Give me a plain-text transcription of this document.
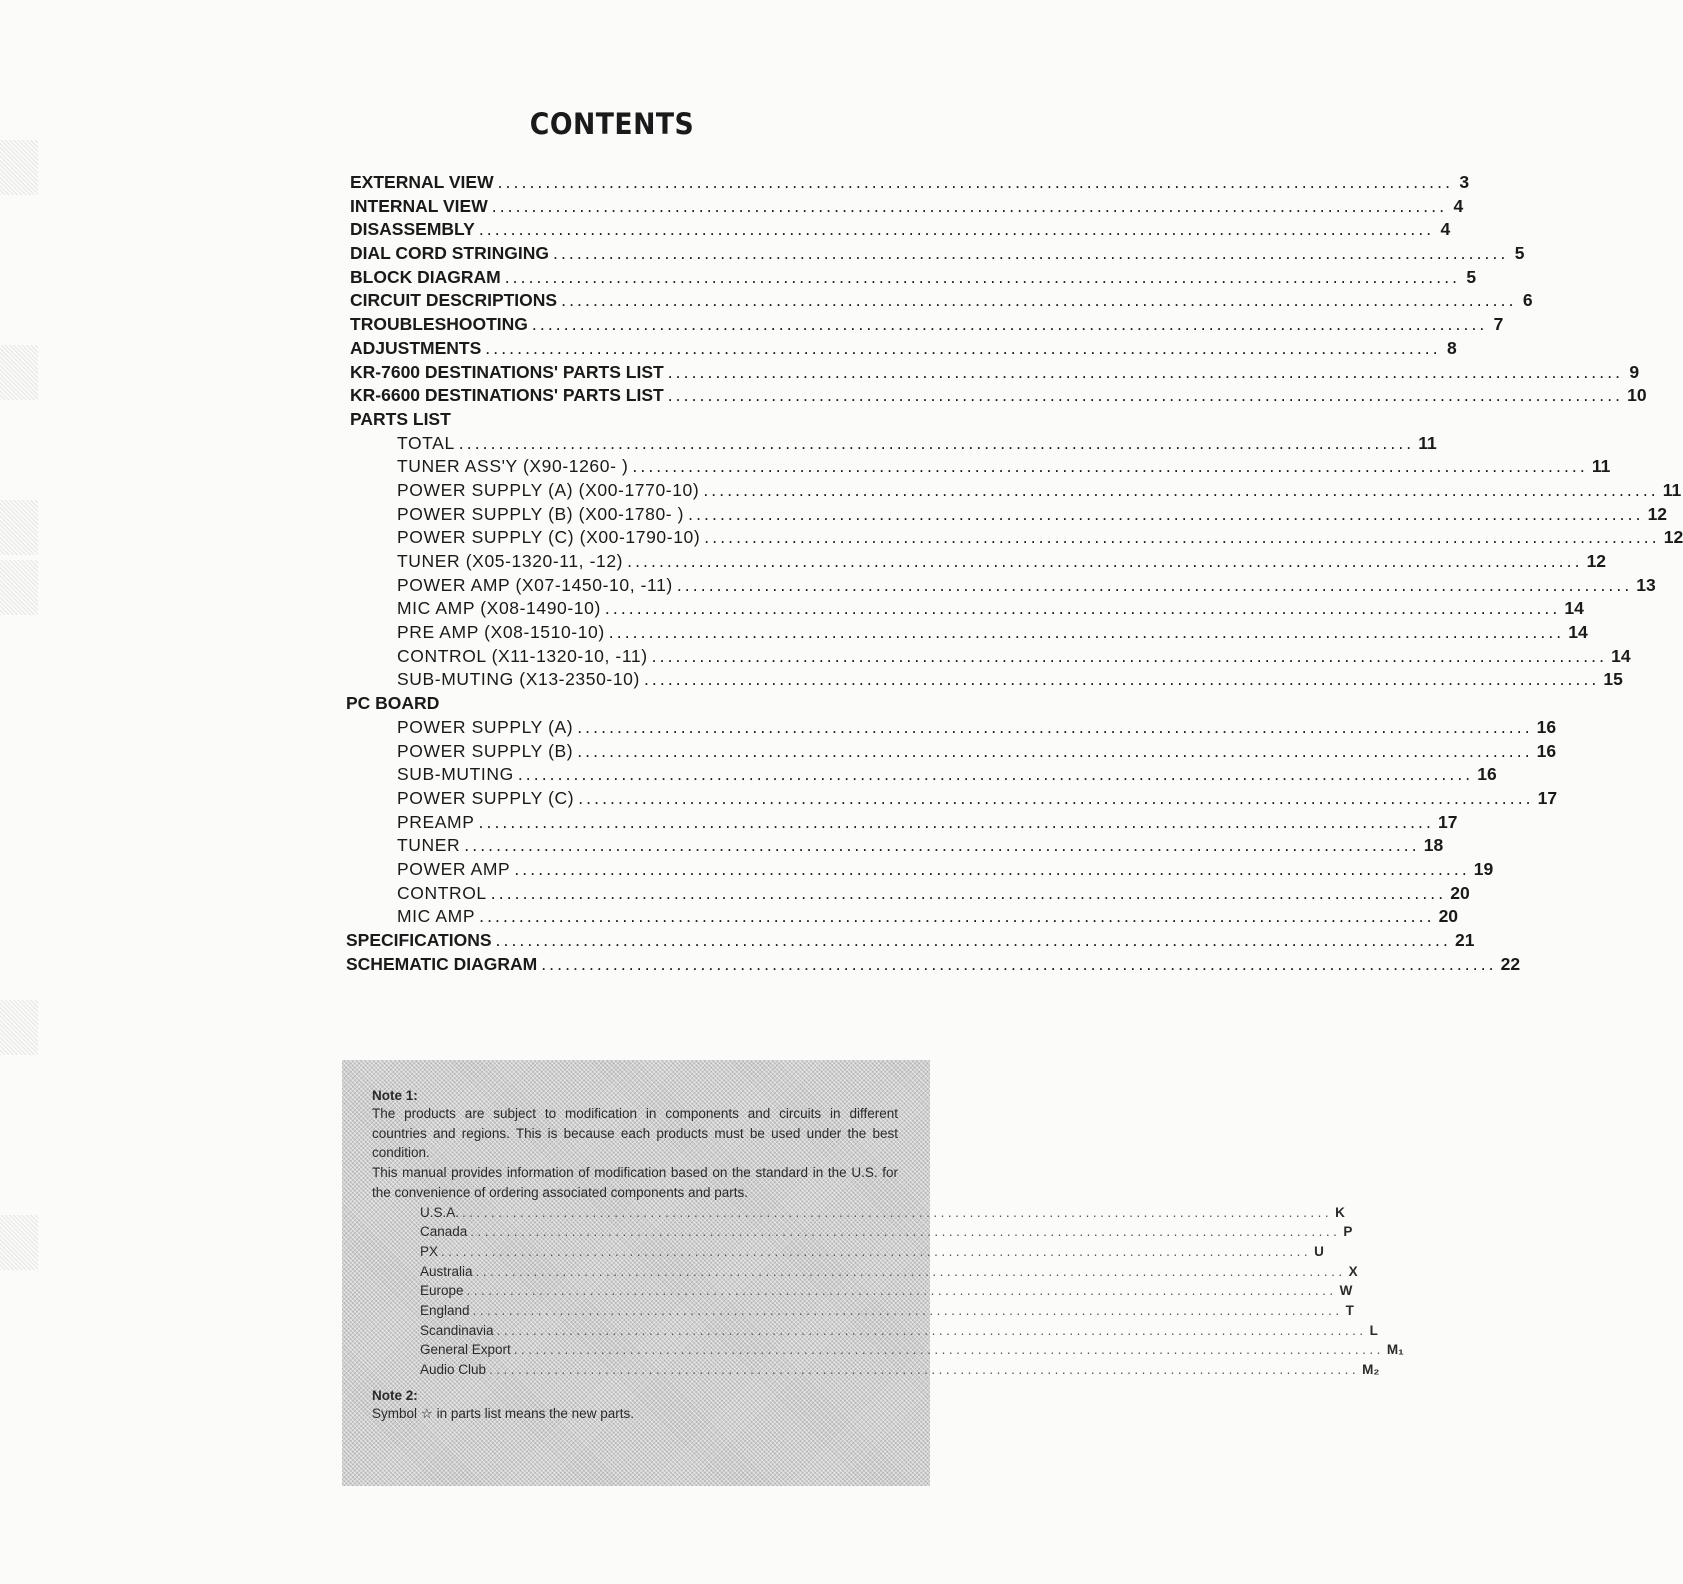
CONTENTS
EXTERNAL VIEW ........................................................................................................................ 3
INTERNAL VIEW ........................................................................................................................ 4
DISASSEMBLY ........................................................................................................................ 4
DIAL CORD STRINGING ........................................................................................................................ 5
BLOCK DIAGRAM ........................................................................................................................ 5
CIRCUIT DESCRIPTIONS ........................................................................................................................ 6
TROUBLESHOOTING ........................................................................................................................ 7
ADJUSTMENTS ........................................................................................................................ 8
KR-7600 DESTINATIONS' PARTS LIST ........................................................................................................................ 9
KR-6600 DESTINATIONS' PARTS LIST ........................................................................................................................ 10
PARTS LIST
TOTAL ........................................................................................................................ 11
TUNER ASS'Y (X90-1260- ) ........................................................................................................................ 11
POWER SUPPLY (A) (X00-1770-10) ........................................................................................................................ 11
POWER SUPPLY (B) (X00-1780- ) ........................................................................................................................ 12
POWER SUPPLY (C) (X00-1790-10) ........................................................................................................................ 12
TUNER (X05-1320-11, -12) ........................................................................................................................ 12
POWER AMP (X07-1450-10, -11) ........................................................................................................................ 13
MIC AMP (X08-1490-10) ........................................................................................................................ 14
PRE AMP (X08-1510-10) ........................................................................................................................ 14
CONTROL (X11-1320-10, -11) ........................................................................................................................ 14
SUB-MUTING (X13-2350-10) ........................................................................................................................ 15
PC BOARD
POWER SUPPLY (A) ........................................................................................................................ 16
POWER SUPPLY (B) ........................................................................................................................ 16
SUB-MUTING ........................................................................................................................ 16
POWER SUPPLY (C) ........................................................................................................................ 17
PREAMP ........................................................................................................................ 17
TUNER ........................................................................................................................ 18
POWER AMP ........................................................................................................................ 19
CONTROL ........................................................................................................................ 20
MIC AMP ........................................................................................................................ 20
SPECIFICATIONS ........................................................................................................................ 21
SCHEMATIC DIAGRAM ........................................................................................................................ 22
Note 1:

The products are subject to modification in components and circuits in different countries and regions. This is because each products must be used under the best condition.

This manual provides information of modification based on the standard in the U.S. for the convenience of ordering associated components and parts.

U.S.A. ........................................................................................................................ K
Canada ........................................................................................................................ P
PX ........................................................................................................................ U
Australia ........................................................................................................................ X
Europe ........................................................................................................................ W
England ........................................................................................................................ T
Scandinavia ........................................................................................................................ L
General Export ........................................................................................................................ M₁
Audio Club ........................................................................................................................ M₂
Note 2:

Symbol ☆ in parts list means the new parts.
